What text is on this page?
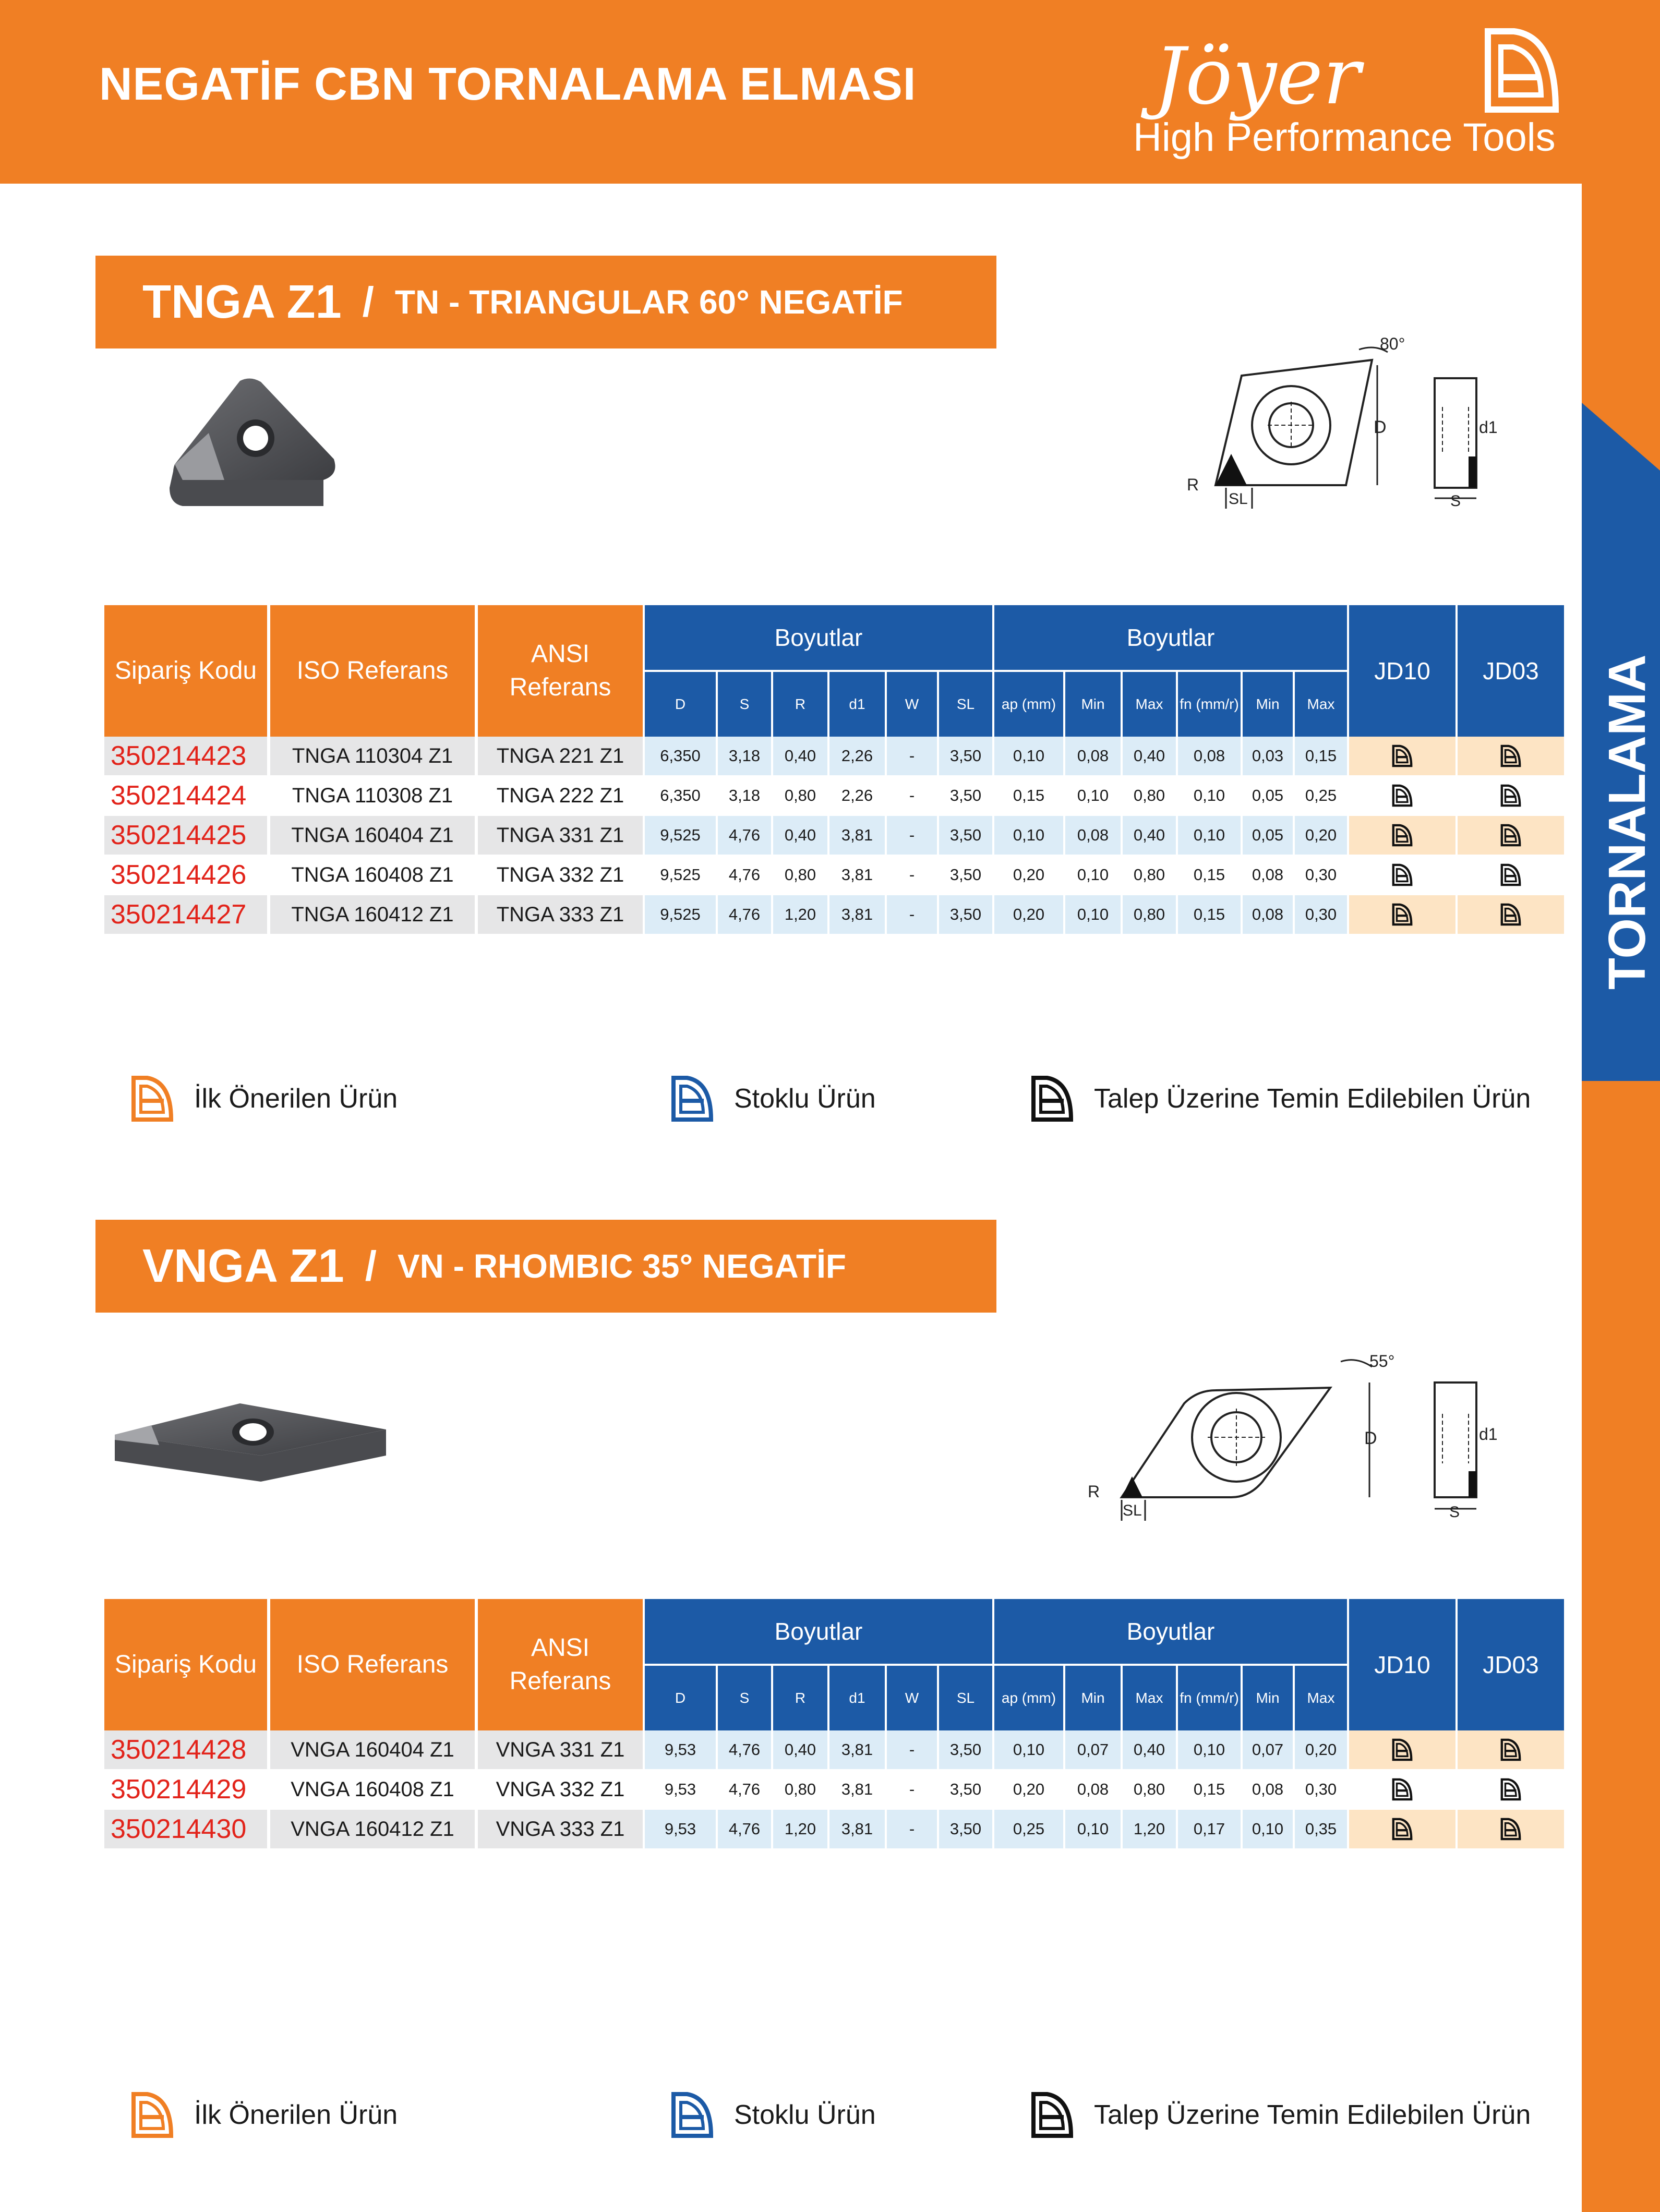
NEGATİF CBN TORNALAMA ELMASI	Jöyer
High Performance Tools
TORNALAMA
TNGA Z1 / TN - TRIANGULAR 60° NEGATİF
80°
D
R
SL
d1
S
Sipariş Kodu	ISO Referans
ANSI Referans
Boyutlar	Boyutlar
JD10	JD03
D	S	R	d1	W	SL	ap (mm)	Min	Max	fn (mm/r)	Min	Max
350214423	TNGA 110304 Z1	TNGA 221 Z1	6,350	3,18	0,40	2,26	-	3,50	0,10	0,08	0,40	0,08	0,03	0,15
350214424	TNGA 110308 Z1	TNGA 222 Z1	6,350	3,18	0,80	2,26	-	3,50	0,15	0,10	0,80	0,10	0,05	0,25
350214425	TNGA 160404 Z1	TNGA 331 Z1	9,525	4,76	0,40	3,81	-	3,50	0,10	0,08	0,40	0,10	0,05	0,20
350214426	TNGA 160408 Z1	TNGA 332 Z1	9,525	4,76	0,80	3,81	-	3,50	0,20	0,10	0,80	0,15	0,08	0,30
350214427	TNGA 160412 Z1	TNGA 333 Z1	9,525	4,76	1,20	3,81	-	3,50	0,20	0,10	0,80	0,15	0,08	0,30
İlk Önerilen Ürün	Stoklu Ürün	Talep Üzerine Temin Edilebilen Ürün
VNGA Z1 / VN - RHOMBIC 35° NEGATİF
55°
D
R
SL
d1
S
Sipariş Kodu	ISO Referans
ANSI Referans
Boyutlar	Boyutlar
JD10	JD03
D	S	R	d1	W	SL	ap (mm)	Min	Max	fn (mm/r)	Min	Max
350214428	VNGA 160404 Z1	VNGA 331 Z1	9,53	4,76	0,40	3,81	-	3,50	0,10	0,07	0,40	0,10	0,07	0,20
350214429	VNGA 160408 Z1	VNGA 332 Z1	9,53	4,76	0,80	3,81	-	3,50	0,20	0,08	0,80	0,15	0,08	0,30
350214430	VNGA 160412 Z1	VNGA 333 Z1	9,53	4,76	1,20	3,81	-	3,50	0,25	0,10	1,20	0,17	0,10	0,35
İlk Önerilen Ürün	Stoklu Ürün	Talep Üzerine Temin Edilebilen Ürün
